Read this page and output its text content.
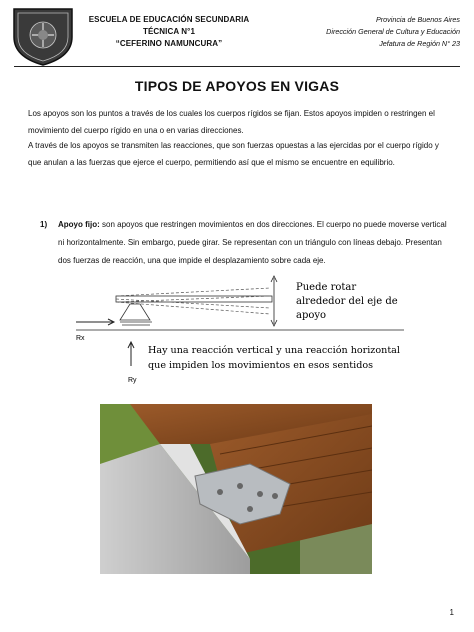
ESCUELA DE EDUCACIÓN SECUNDARIA
TÉCNICA N°1
“CEFERINO NAMUNCURA”
Provincia de Buenos Aires
Dirección General de Cultura y Educación
Jefatura de Región N° 23
TIPOS DE APOYOS EN VIGAS
Los apoyos son los puntos a través de los cuales los cuerpos rígidos se fijan. Estos apoyos impiden o restringen el movimiento del cuerpo rígido en una o en varias direcciones.
A través de los apoyos se transmiten las reacciones, que son fuerzas opuestas a las ejercidas por el cuerpo rígido y que anulan a las fuerzas que ejerce el cuerpo, permitiendo así que el mismo se encuentre en equilibrio.
1) Apoyo fijo: son apoyos que restringen movimientos en dos direcciones. El cuerpo no puede moverse vertical ni horizontalmente. Sin embargo, puede girar. Se representan con un triángulo con líneas debajo. Presentan dos fuerzas de reacción, una que impide el desplazamiento sobre cada eje.
Rx
Ry
Puede rotar
alrededor del eje de
apoyo
Hay una reacción vertical y una reacción horizontal
que impiden los movimientos en esos sentidos
1
